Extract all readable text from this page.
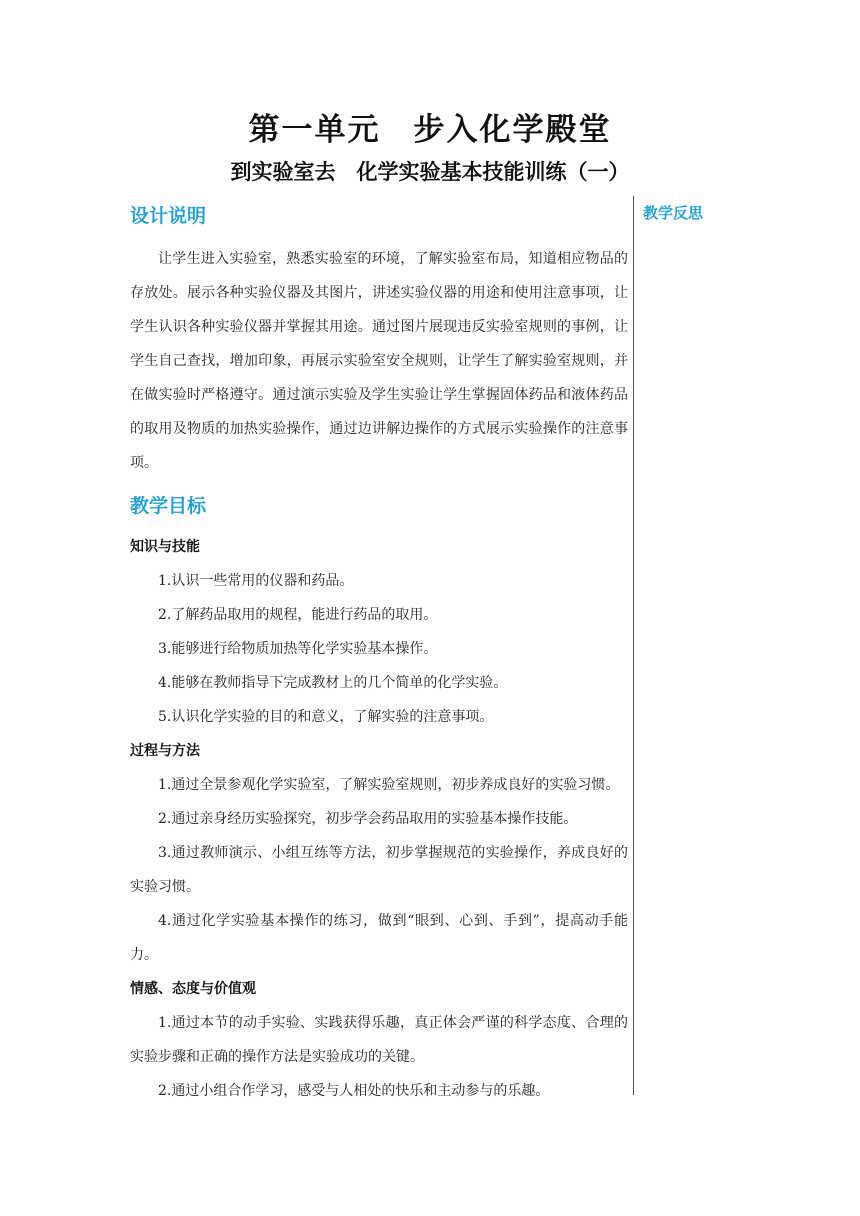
第一单元　步入化学殿堂
到实验室去　化学实验基本技能训练（一）
教学反思
设计说明

让学生进入实验室，熟悉实验室的环境，了解实验室布局，知道相应物品的存放处。展示各种实验仪器及其图片，讲述实验仪器的用途和使用注意事项，让学生认识各种实验仪器并掌握其用途。通过图片展现违反实验室规则的事例，让学生自己查找，增加印象，再展示实验室安全规则，让学生了解实验室规则，并在做实验时严格遵守。通过演示实验及学生实验让学生掌握固体药品和液体药品的取用及物质的加热实验操作，通过边讲解边操作的方式展示实验操作的注意事项。

教学目标
知识与技能

1.认识一些常用的仪器和药品。

2.了解药品取用的规程，能进行药品的取用。

3.能够进行给物质加热等化学实验基本操作。

4.能够在教师指导下完成教材上的几个简单的化学实验。

5.认识化学实验的目的和意义，了解实验的注意事项。

过程与方法

1.通过全景参观化学实验室，了解实验室规则，初步养成良好的实验习惯。

2.通过亲身经历实验探究，初步学会药品取用的实验基本操作技能。

3.通过教师演示、小组互练等方法，初步掌握规范的实验操作，养成良好的实验习惯。

4.通过化学实验基本操作的练习，做到“眼到、心到、手到”，提高动手能力。

情感、态度与价值观

1.通过本节的动手实验、实践获得乐趣，真正体会严谨的科学态度、合理的实验步骤和正确的操作方法是实验成功的关键。

2.通过小组合作学习，感受与人相处的快乐和主动参与的乐趣。
